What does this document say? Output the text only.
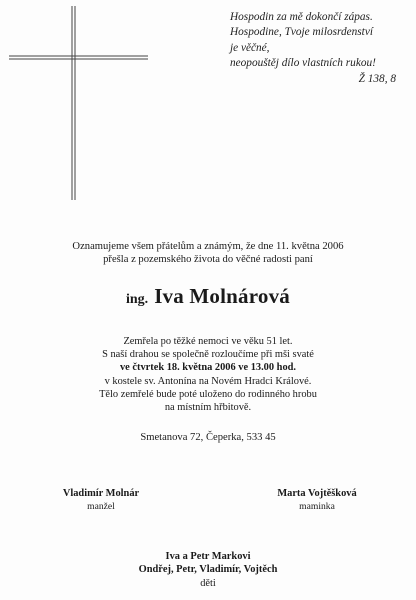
Hospodin za mě dokončí zápas.
Hospodine, Tvoje milosrdenství
je věčné,
neopouštěj dílo vlastních rukou!
Ž 138, 8
Oznamujeme všem přátelům a známým, že dne 11. května 2006
přešla z pozemského života do věčné radosti paní
ing. Iva Molnárová
Zemřela po těžké nemoci ve věku 51 let.
S naší drahou se společně rozloučíme při mši svaté
ve čtvrtek 18. května 2006 ve 13.00 hod.
v kostele sv. Antonína na Novém Hradci Králové.
Tělo zemřelé bude poté uloženo do rodinného hrobu
na místním hřbitově.
Smetanova 72, Čeperka, 533 45
Vladimír Molnár
manžel
Marta Vojtěšková
maminka
Iva a Petr Markovi
Ondřej, Petr, Vladimír, Vojtěch
děti
